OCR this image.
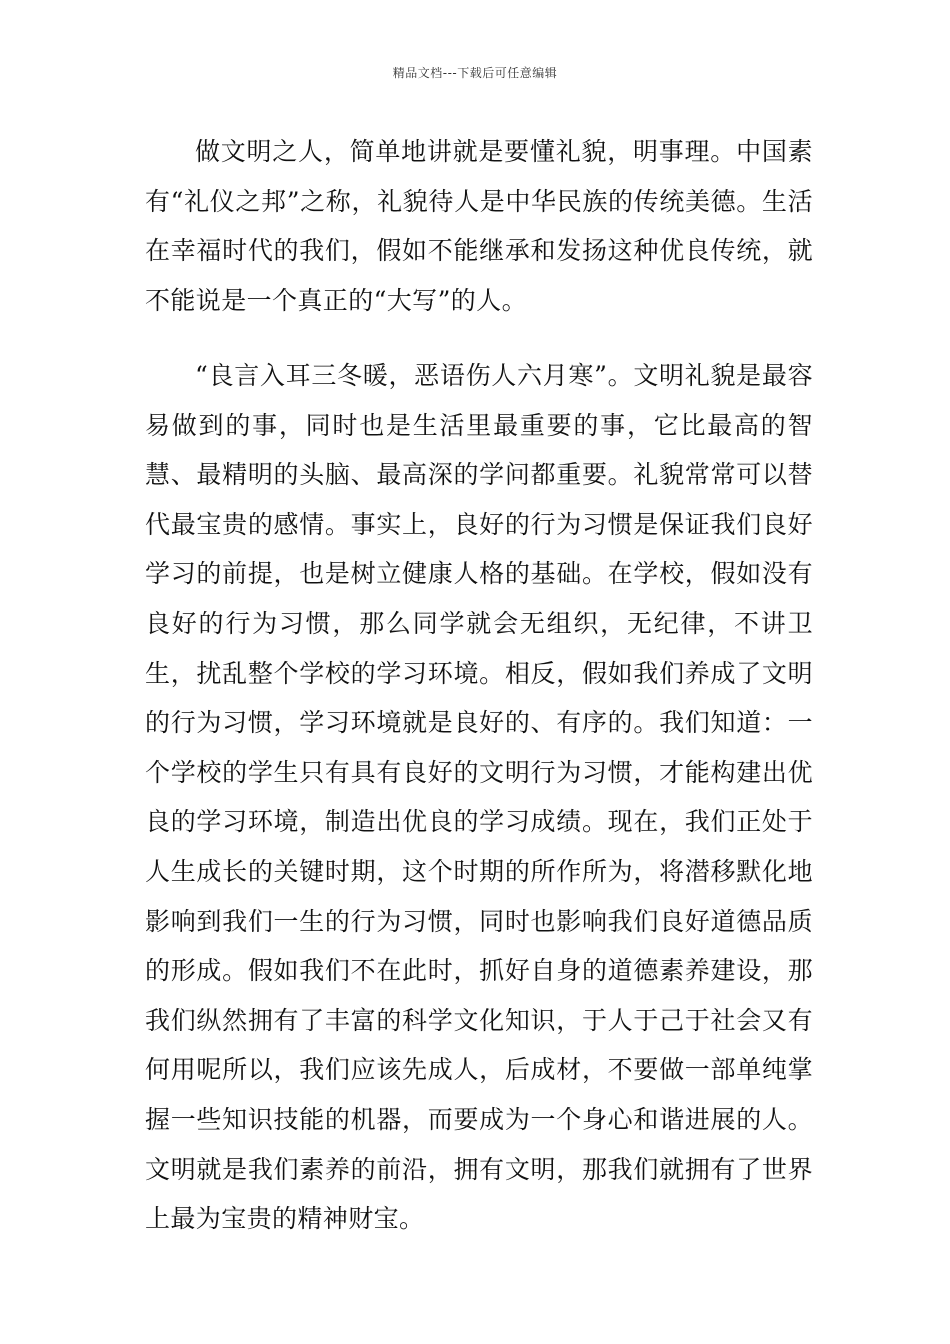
精品文档---下载后可任意编辑

做文明之人，简单地讲就是要懂礼貌，明事理。中国素有“礼仪之邦”之称，礼貌待人是中华民族的传统美德。生活在幸福时代的我们，假如不能继承和发扬这种优良传统，就不能说是一个真正的“大写”的人。

“良言入耳三冬暖，恶语伤人六月寒”。文明礼貌是最容易做到的事，同时也是生活里最重要的事，它比最高的智慧、最精明的头脑、最高深的学问都重要。礼貌常常可以替代最宝贵的感情。事实上，良好的行为习惯是保证我们良好学习的前提，也是树立健康人格的基础。在学校，假如没有良好的行为习惯，那么同学就会无组织，无纪律，不讲卫生，扰乱整个学校的学习环境。相反，假如我们养成了文明的行为习惯，学习环境就是良好的、有序的。我们知道：一个学校的学生只有具有良好的文明行为习惯，才能构建出优良的学习环境，制造出优良的学习成绩。现在，我们正处于人生成长的关键时期，这个时期的所作所为，将潜移默化地影响到我们一生的行为习惯，同时也影响我们良好道德品质的形成。假如我们不在此时，抓好自身的道德素养建设，那我们纵然拥有了丰富的科学文化知识，于人于己于社会又有何用呢所以，我们应该先成人，后成材，不要做一部单纯掌握一些知识技能的机器，而要成为一个身心和谐进展的人。文明就是我们素养的前沿，拥有文明，那我们就拥有了世界上最为宝贵的精神财宝。
